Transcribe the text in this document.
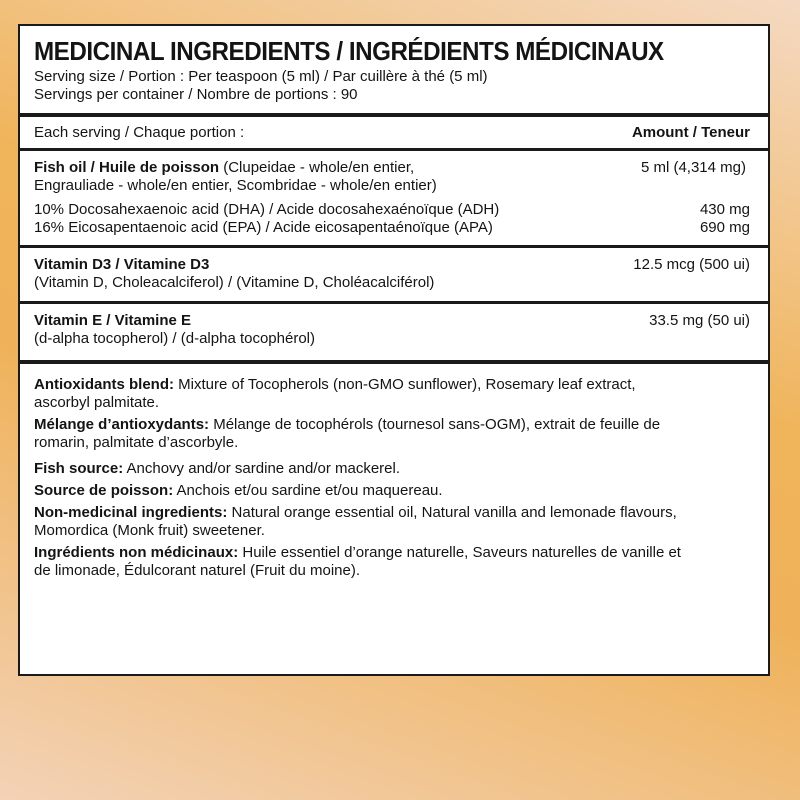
MEDICINAL INGREDIENTS / INGRÉDIENTS MÉDICINAUX
Serving size / Portion : Per teaspoon (5 ml) / Par cuillère à thé (5 ml)
Servings per container / Nombre de portions : 90
Each serving / Chaque portion :	Amount / Teneur
Fish oil / Huile de poisson (Clupeidae - whole/en entier,	5 ml (4,314 mg)
Engrauliade - whole/en entier, Scombridae - whole/en entier)
10% Docosahexaenoic acid (DHA) / Acide docosahexaénoïque (ADH)	430 mg
16% Eicosapentaenoic acid (EPA) / Acide eicosapentaénoïque (APA)	690 mg
Vitamin D3 / Vitamine D3	12.5 mcg (500 ui)
(Vitamin D, Choleacalciferol) / (Vitamine D, Choléacalciférol)
Vitamin E / Vitamine E	33.5 mg (50 ui)
(d-alpha tocopherol) / (d-alpha tocophérol)

Antioxidants blend: Mixture of Tocopherols (non-GMO sunflower), Rosemary leaf extract,

ascorbyl palmitate.

Mélange d’antioxydants: Mélange de tocophérols (tournesol sans-OGM), extrait de feuille de

romarin, palmitate d’ascorbyle.

Fish source: Anchovy and/or sardine and/or mackerel.

Source de poisson: Anchois et/ou sardine et/ou maquereau.

Non-medicinal ingredients: Natural orange essential oil, Natural vanilla and lemonade flavours,

Momordica (Monk fruit) sweetener.

Ingrédients non médicinaux: Huile essentiel d’orange naturelle, Saveurs naturelles de vanille et

de limonade, Édulcorant naturel (Fruit du moine).
